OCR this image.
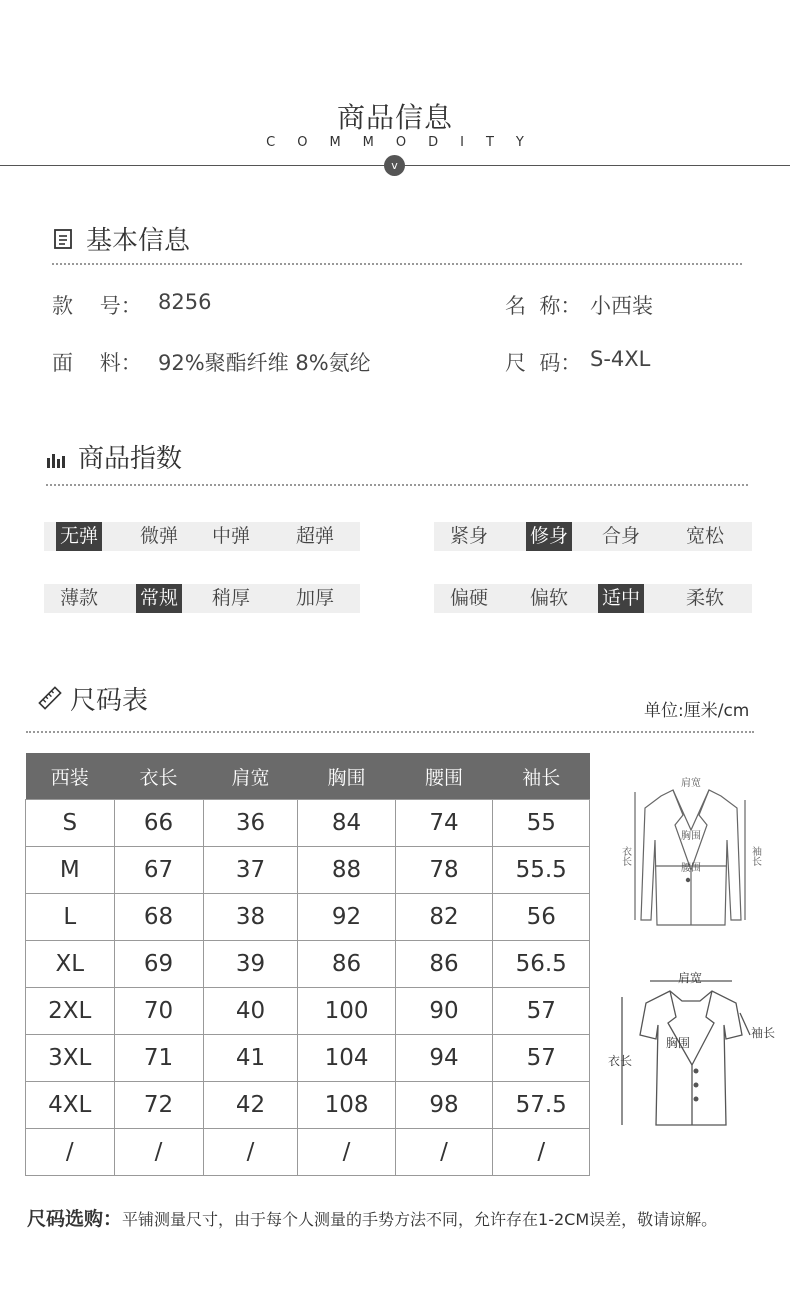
商品信息
COMMODITY
v
基本信息
款    号： 8256	名  称： 小西装
面    料： 92%聚酯纤维 8%氨纶	尺  码： S-4XL
商品指数
无弹 微弹 中弹 超弹	紧身 修身 合身 宽松
薄款 常规 稍厚 加厚	偏硬 偏软 适中 柔软
尺码表	单位:厘米/cm
西装	衣长	肩宽	胸围	腰围	袖长
S	66	36	84	74	55
M	67	37	88	78	55.5
L	68	38	92	82	56
XL	69	39	86	86	56.5
2XL	70	40	100	90	57
3XL	71	41	104	94	57
4XL	72	42	108	98	57.5
/	/	/	/	/	/
肩宽
胸围
腰围
衣长	袖长
肩宽
胸围
衣长
袖长
尺码选购：平铺测量尺寸，由于每个人测量的手势方法不同，允许存在1-2CM误差，敬请谅解。
